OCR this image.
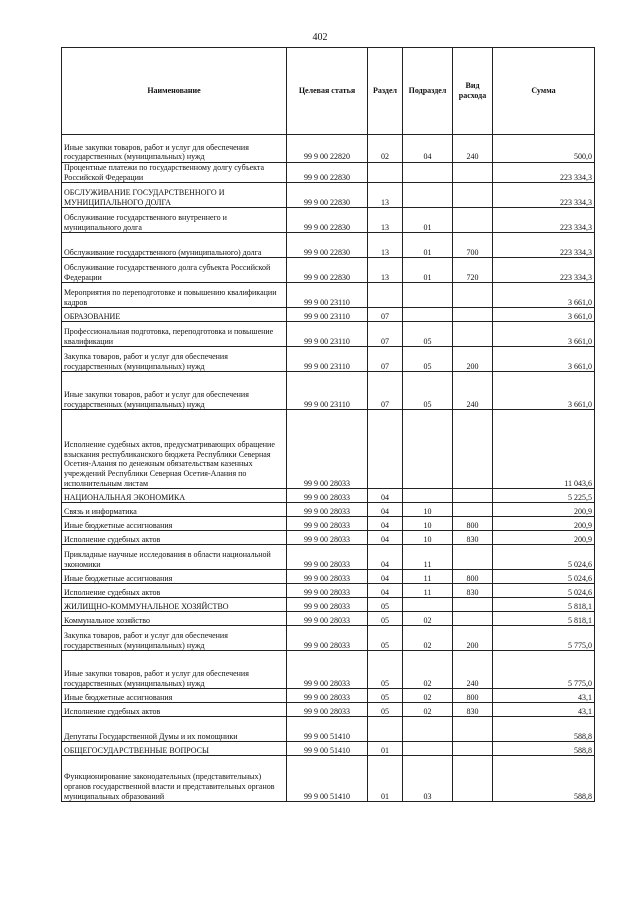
402
Наименование	Целевая статья	Раздел	Подраздел	Вид расхода	Сумма
Иные закупки товаров, работ и услуг для обеспечения государственных (муниципальных) нужд	99 9 00 22820	02	04	240	500,0
Процентные платежи по государственному долгу субъекта Российской Федерации	99 9 00 22830				223 334,3
ОБСЛУЖИВАНИЕ ГОСУДАРСТВЕННОГО И МУНИЦИПАЛЬНОГО ДОЛГА	99 9 00 22830	13			223 334,3
Обслуживание государственного внутреннего и муниципального долга	99 9 00 22830	13	01		223 334,3
Обслуживание государственного (муниципального) долга	99 9 00 22830	13	01	700	223 334,3
Обслуживание государственного долга субъекта Российской Федерации	99 9 00 22830	13	01	720	223 334,3
Мероприятия по переподготовке и повышению квалификации кадров	99 9 00 23110				3 661,0
ОБРАЗОВАНИЕ	99 9 00 23110	07			3 661,0
Профессиональная подготовка, переподготовка и повышение квалификации	99 9 00 23110	07	05		3 661,0
Закупка товаров, работ и услуг для обеспечения государственных (муниципальных) нужд	99 9 00 23110	07	05	200	3 661,0
Иные закупки товаров, работ и услуг для обеспечения государственных (муниципальных) нужд	99 9 00 23110	07	05	240	3 661,0
Исполнение судебных актов, предусматривающих обращение взыскания республиканского бюджета Республики Северная Осетия-Алания по денежным обязательствам казенных учреждений Республики Северная Осетия-Алания по исполнительным листам	99 9 00 28033				11 043,6
НАЦИОНАЛЬНАЯ ЭКОНОМИКА	99 9 00 28033	04			5 225,5
Связь и информатика	99 9 00 28033	04	10		200,9
Иные бюджетные ассигнования	99 9 00 28033	04	10	800	200,9
Исполнение судебных актов	99 9 00 28033	04	10	830	200,9
Прикладные научные исследования в области национальной экономики	99 9 00 28033	04	11		5 024,6
Иные бюджетные ассигнования	99 9 00 28033	04	11	800	5 024,6
Исполнение судебных актов	99 9 00 28033	04	11	830	5 024,6
ЖИЛИЩНО-КОММУНАЛЬНОЕ ХОЗЯЙСТВО	99 9 00 28033	05			5 818,1
Коммунальное хозяйство	99 9 00 28033	05	02		5 818,1
Закупка товаров, работ и услуг для обеспечения государственных (муниципальных) нужд	99 9 00 28033	05	02	200	5 775,0
Иные закупки товаров, работ и услуг для обеспечения государственных (муниципальных) нужд	99 9 00 28033	05	02	240	5 775,0
Иные бюджетные ассигнования	99 9 00 28033	05	02	800	43,1
Исполнение судебных актов	99 9 00 28033	05	02	830	43,1
Депутаты Государственной Думы и их помощники	99 9 00 51410				588,8
ОБЩЕГОСУДАРСТВЕННЫЕ ВОПРОСЫ	99 9 00 51410	01			588,8
Функционирование законодательных (представительных) органов государственной власти и представительных органов муниципальных образований	99 9 00 51410	01	03		588,8
